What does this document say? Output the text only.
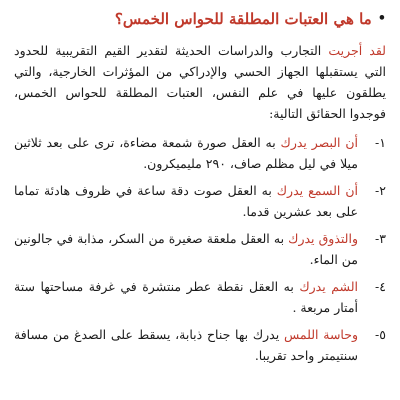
•
ما هي العتبات المطلقة للحواس الخمس؟

لقد أجريت التجارب والدراسات الحديثة لتقدير القيم التقريبية للحدود التي يستقبلها الجهاز الحسي والإدراكي من المؤثرات الخارجية، والتي يطلقون عليها في علم النفس، العتبات المطلقة للحواس الخمس، فوجدوا الحقائق التالية:

١-
أن البصر يدرك به العقل صورة شمعة مضاءة، ترى على بعد ثلاثين ميلا في ليل مظلم صاف، ٢٩٠ مليميكرون.
٢-
أن السمع يدرك به العقل صوت دقة ساعة في ظروف هادئة تماما على بعد عشرين قدما.
٣-
والتذوق يدرك به العقل ملعقة صغيرة من السكر، مذابة في جالونين من الماء.
٤-
الشم يدرك به العقل نقطة عطر منتشرة في غرفة مساحتها ستة أمتار مربعة .
٥-
وحاسة اللمس يدرك بها جناح ذبابة، يسقط على الصدغ من مسافة سنتيمتر واحد تقريبا.
